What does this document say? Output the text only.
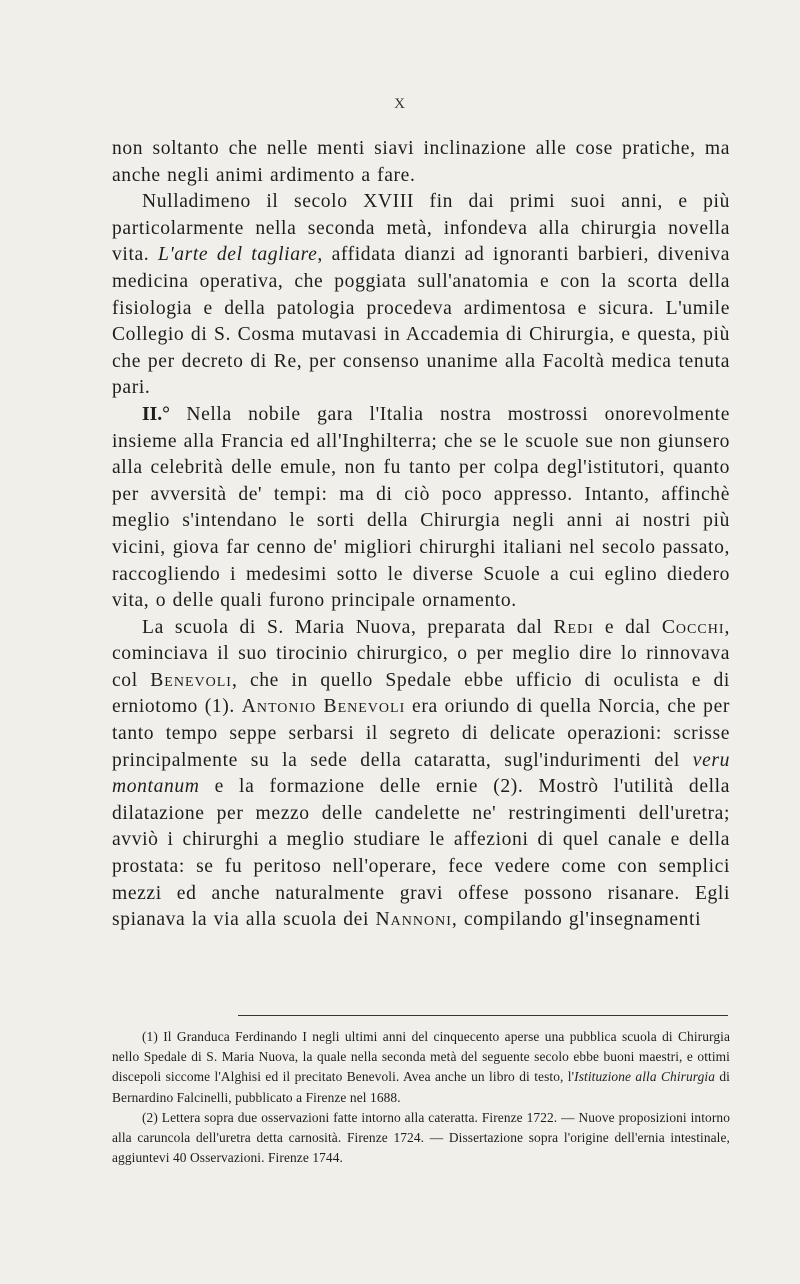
X

non soltanto che nelle menti siavi inclinazione alle cose pratiche, ma anche negli animi ardimento a fare.

Nulladimeno il secolo XVIII fin dai primi suoi anni, e più particolarmente nella seconda metà, infondeva alla chirurgia novella vita. L'arte del tagliare, affidata dianzi ad ignoranti barbieri, diveniva medicina operativa, che poggiata sull'anatomia e con la scorta della fisiologia e della patologia procedeva ardimentosa e sicura. L'umile Collegio di S. Cosma mutavasi in Accademia di Chirurgia, e questa, più che per decreto di Re, per consenso unanime alla Facoltà medica tenuta pari.

II.° Nella nobile gara l'Italia nostra mostrossi onorevolmente insieme alla Francia ed all'Inghilterra; che se le scuole sue non giunsero alla celebrità delle emule, non fu tanto per colpa degl'istitutori, quanto per avversità de' tempi: ma di ciò poco appresso. Intanto, affinchè meglio s'intendano le sorti della Chirurgia negli anni ai nostri più vicini, giova far cenno de' migliori chirurghi italiani nel secolo passato, raccogliendo i medesimi sotto le diverse Scuole a cui eglino diedero vita, o delle quali furono principale ornamento.

La scuola di S. Maria Nuova, preparata dal Redi e dal Cocchi, cominciava il suo tirocinio chirurgico, o per meglio dire lo rinnovava col Benevoli, che in quello Spedale ebbe ufficio di oculista e di erniotomo (1). Antonio Benevoli era oriundo di quella Norcia, che per tanto tempo seppe serbarsi il segreto di delicate operazioni: scrisse principalmente su la sede della cataratta, sugl'indurimenti del veru montanum e la formazione delle ernie (2). Mostrò l'utilità della dilatazione per mezzo delle candelette ne' restringimenti dell'uretra; avviò i chirurghi a meglio studiare le affezioni di quel canale e della prostata: se fu peritoso nell'operare, fece vedere come con semplici mezzi ed anche naturalmente gravi offese possono risanare. Egli spianava la via alla scuola dei Nannoni, compilando gl'insegnamenti

(1) Il Granduca Ferdinando I negli ultimi anni del cinquecento aperse una pubblica scuola di Chirurgia nello Spedale di S. Maria Nuova, la quale nella seconda metà del seguente secolo ebbe buoni maestri, e ottimi discepoli siccome l'Alghisi ed il precitato Benevoli. Avea anche un libro di testo, l'Istituzione alla Chirurgia di Bernardino Falcinelli, pubblicato a Firenze nel 1688.

(2) Lettera sopra due osservazioni fatte intorno alla cateratta. Firenze 1722. — Nuove proposizioni intorno alla caruncola dell'uretra detta carnosità. Firenze 1724. — Dissertazione sopra l'origine dell'ernia intestinale, aggiuntevi 40 Osservazioni. Firenze 1744.
